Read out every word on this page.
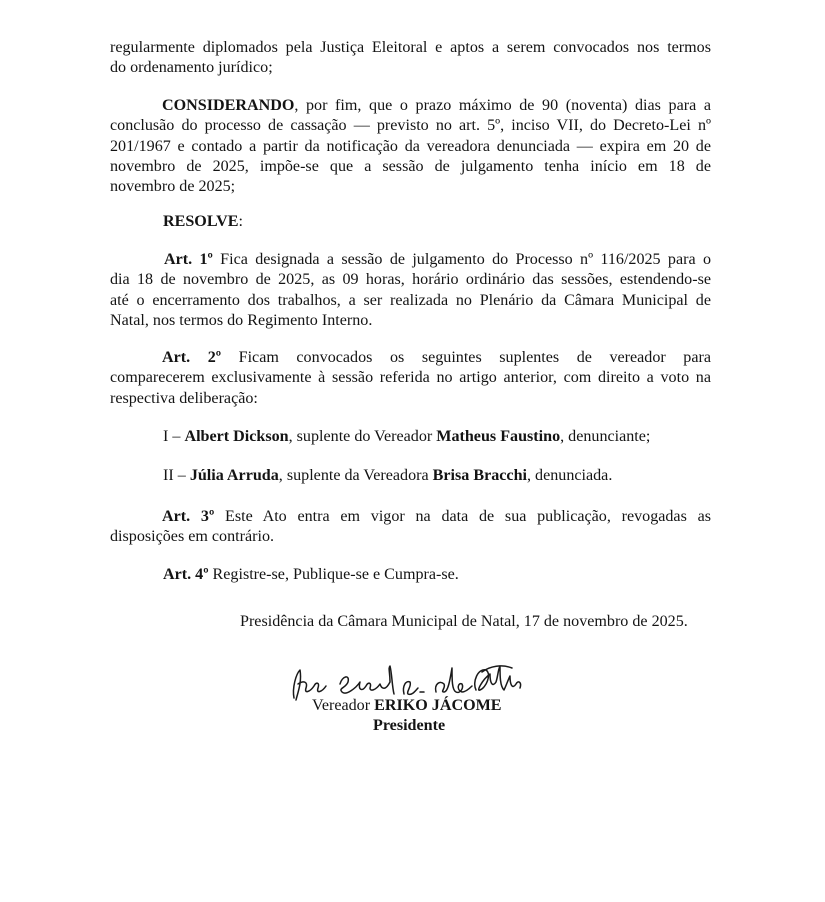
regularmente diplomados pela Justiça Eleitoral e aptos a serem convocados nos termos
do ordenamento jurídico;
CONSIDERANDO, por fim, que o prazo máximo de 90 (noventa) dias para a
conclusão do processo de cassação — previsto no art. 5º, inciso VII, do Decreto-Lei nº
201/1967 e contado a partir da notificação da vereadora denunciada — expira em 20 de
novembro de 2025, impõe-se que a sessão de julgamento tenha início em 18 de
novembro de 2025;
RESOLVE:
Art. 1º Fica designada a sessão de julgamento do Processo nº 116/2025 para o
dia 18 de novembro de 2025, as 09 horas, horário ordinário das sessões, estendendo-se
até o encerramento dos trabalhos, a ser realizada no Plenário da Câmara Municipal de
Natal, nos termos do Regimento Interno.
Art. 2º Ficam convocados os seguintes suplentes de vereador para
comparecerem exclusivamente à sessão referida no artigo anterior, com direito a voto na
respectiva deliberação:
I – Albert Dickson, suplente do Vereador Matheus Faustino, denunciante;
II – Júlia Arruda, suplente da Vereadora Brisa Bracchi, denunciada.
Art. 3º Este Ato entra em vigor na data de sua publicação, revogadas as
disposições em contrário.
Art. 4º Registre-se, Publique-se e Cumpra-se.
Presidência da Câmara Municipal de Natal, 17 de novembro de 2025.
Vereador ERIKO JÁCOME
Presidente
